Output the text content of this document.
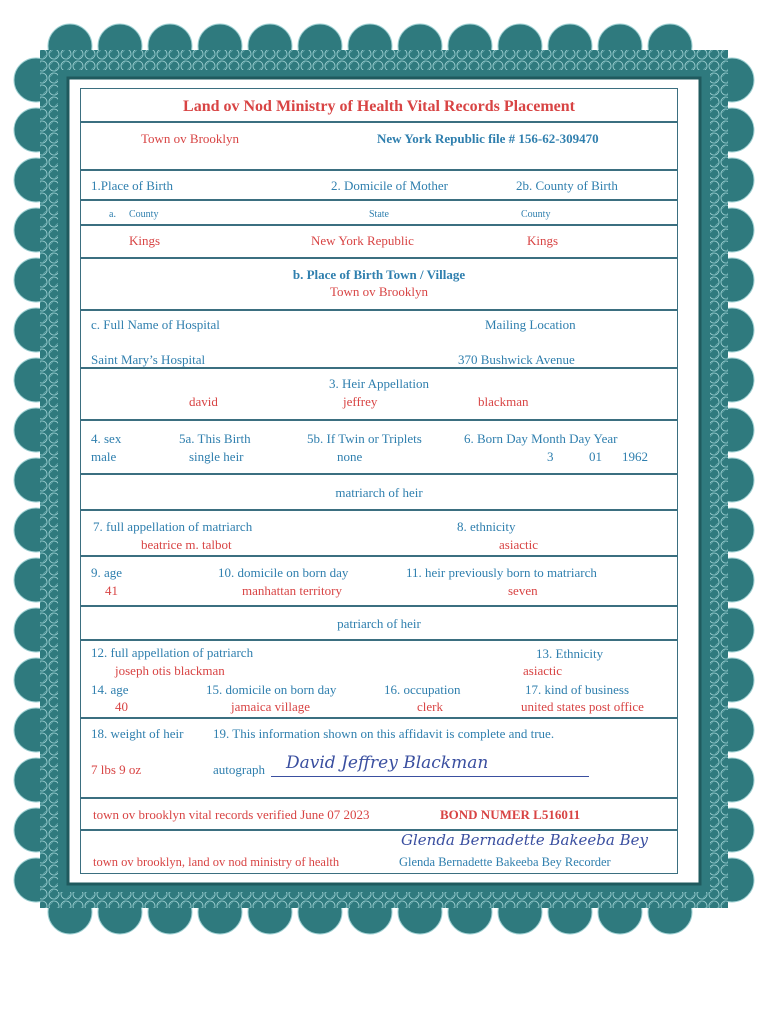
Land ov Nod Ministry of Health Vital Records Placement
Town ov Brooklyn	New York Republic file # 156-62-309470
1.Place of Birth	2. Domicile of Mother	2b. County of Birth
a. County	State	County
Kings	New York Republic	Kings
b. Place of Birth Town / Village
Town ov Brooklyn
c. Full Name of Hospital	Mailing Location
Saint Mary’s Hospital	370 Bushwick Avenue
3. Heir Appellation
david	jeffrey	blackman
4. sex	5a. This Birth	5b. If Twin or Triplets	6. Born Day Month Day Year
male	single heir	none	3	01 1962
matriarch of heir
7. full appellation of matriarch	8. ethnicity
beatrice m. talbot	asiactic
9. age	10. domicile on born day	11. heir previously born to matriarch
41	manhattan territory	seven
patriarch of heir
12. full appellation of patriarch	13. Ethnicity
joseph otis blackman	asiactic
14. age	15. domicile on born day	16. occupation	17. kind of business
40	jamaica village	clerk	united states post office
18. weight of heir 19. This information shown on this affidavit is complete and true.
7 lbs 9 oz	autograph David Jeffrey Blackman
town ov brooklyn vital records verified June 07 2023	BOND NUMER L516011
Glenda Bernadette Bakeeba Bey
town ov brooklyn, land ov nod ministry of health	Glenda Bernadette Bakeeba Bey Recorder
